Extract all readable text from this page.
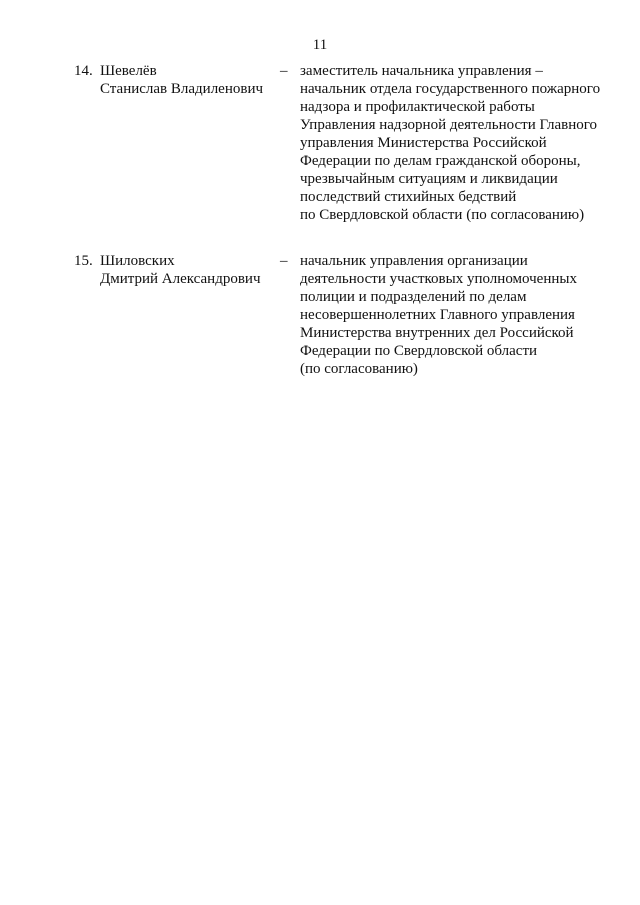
11
14. Шевелёв
Станислав Владиленович
– заместитель начальника управления –
начальник отдела государственного пожарного
надзора и профилактической работы
Управления надзорной деятельности Главного
управления Министерства Российской
Федерации по делам гражданской обороны,
чрезвычайным ситуациям и ликвидации
последствий стихийных бедствий
по Свердловской области (по согласованию)
15. Шиловских
Дмитрий Александрович
– начальник управления организации
деятельности участковых уполномоченных
полиции и подразделений по делам
несовершеннолетних Главного управления
Министерства внутренних дел Российской
Федерации по Свердловской области
(по согласованию)
